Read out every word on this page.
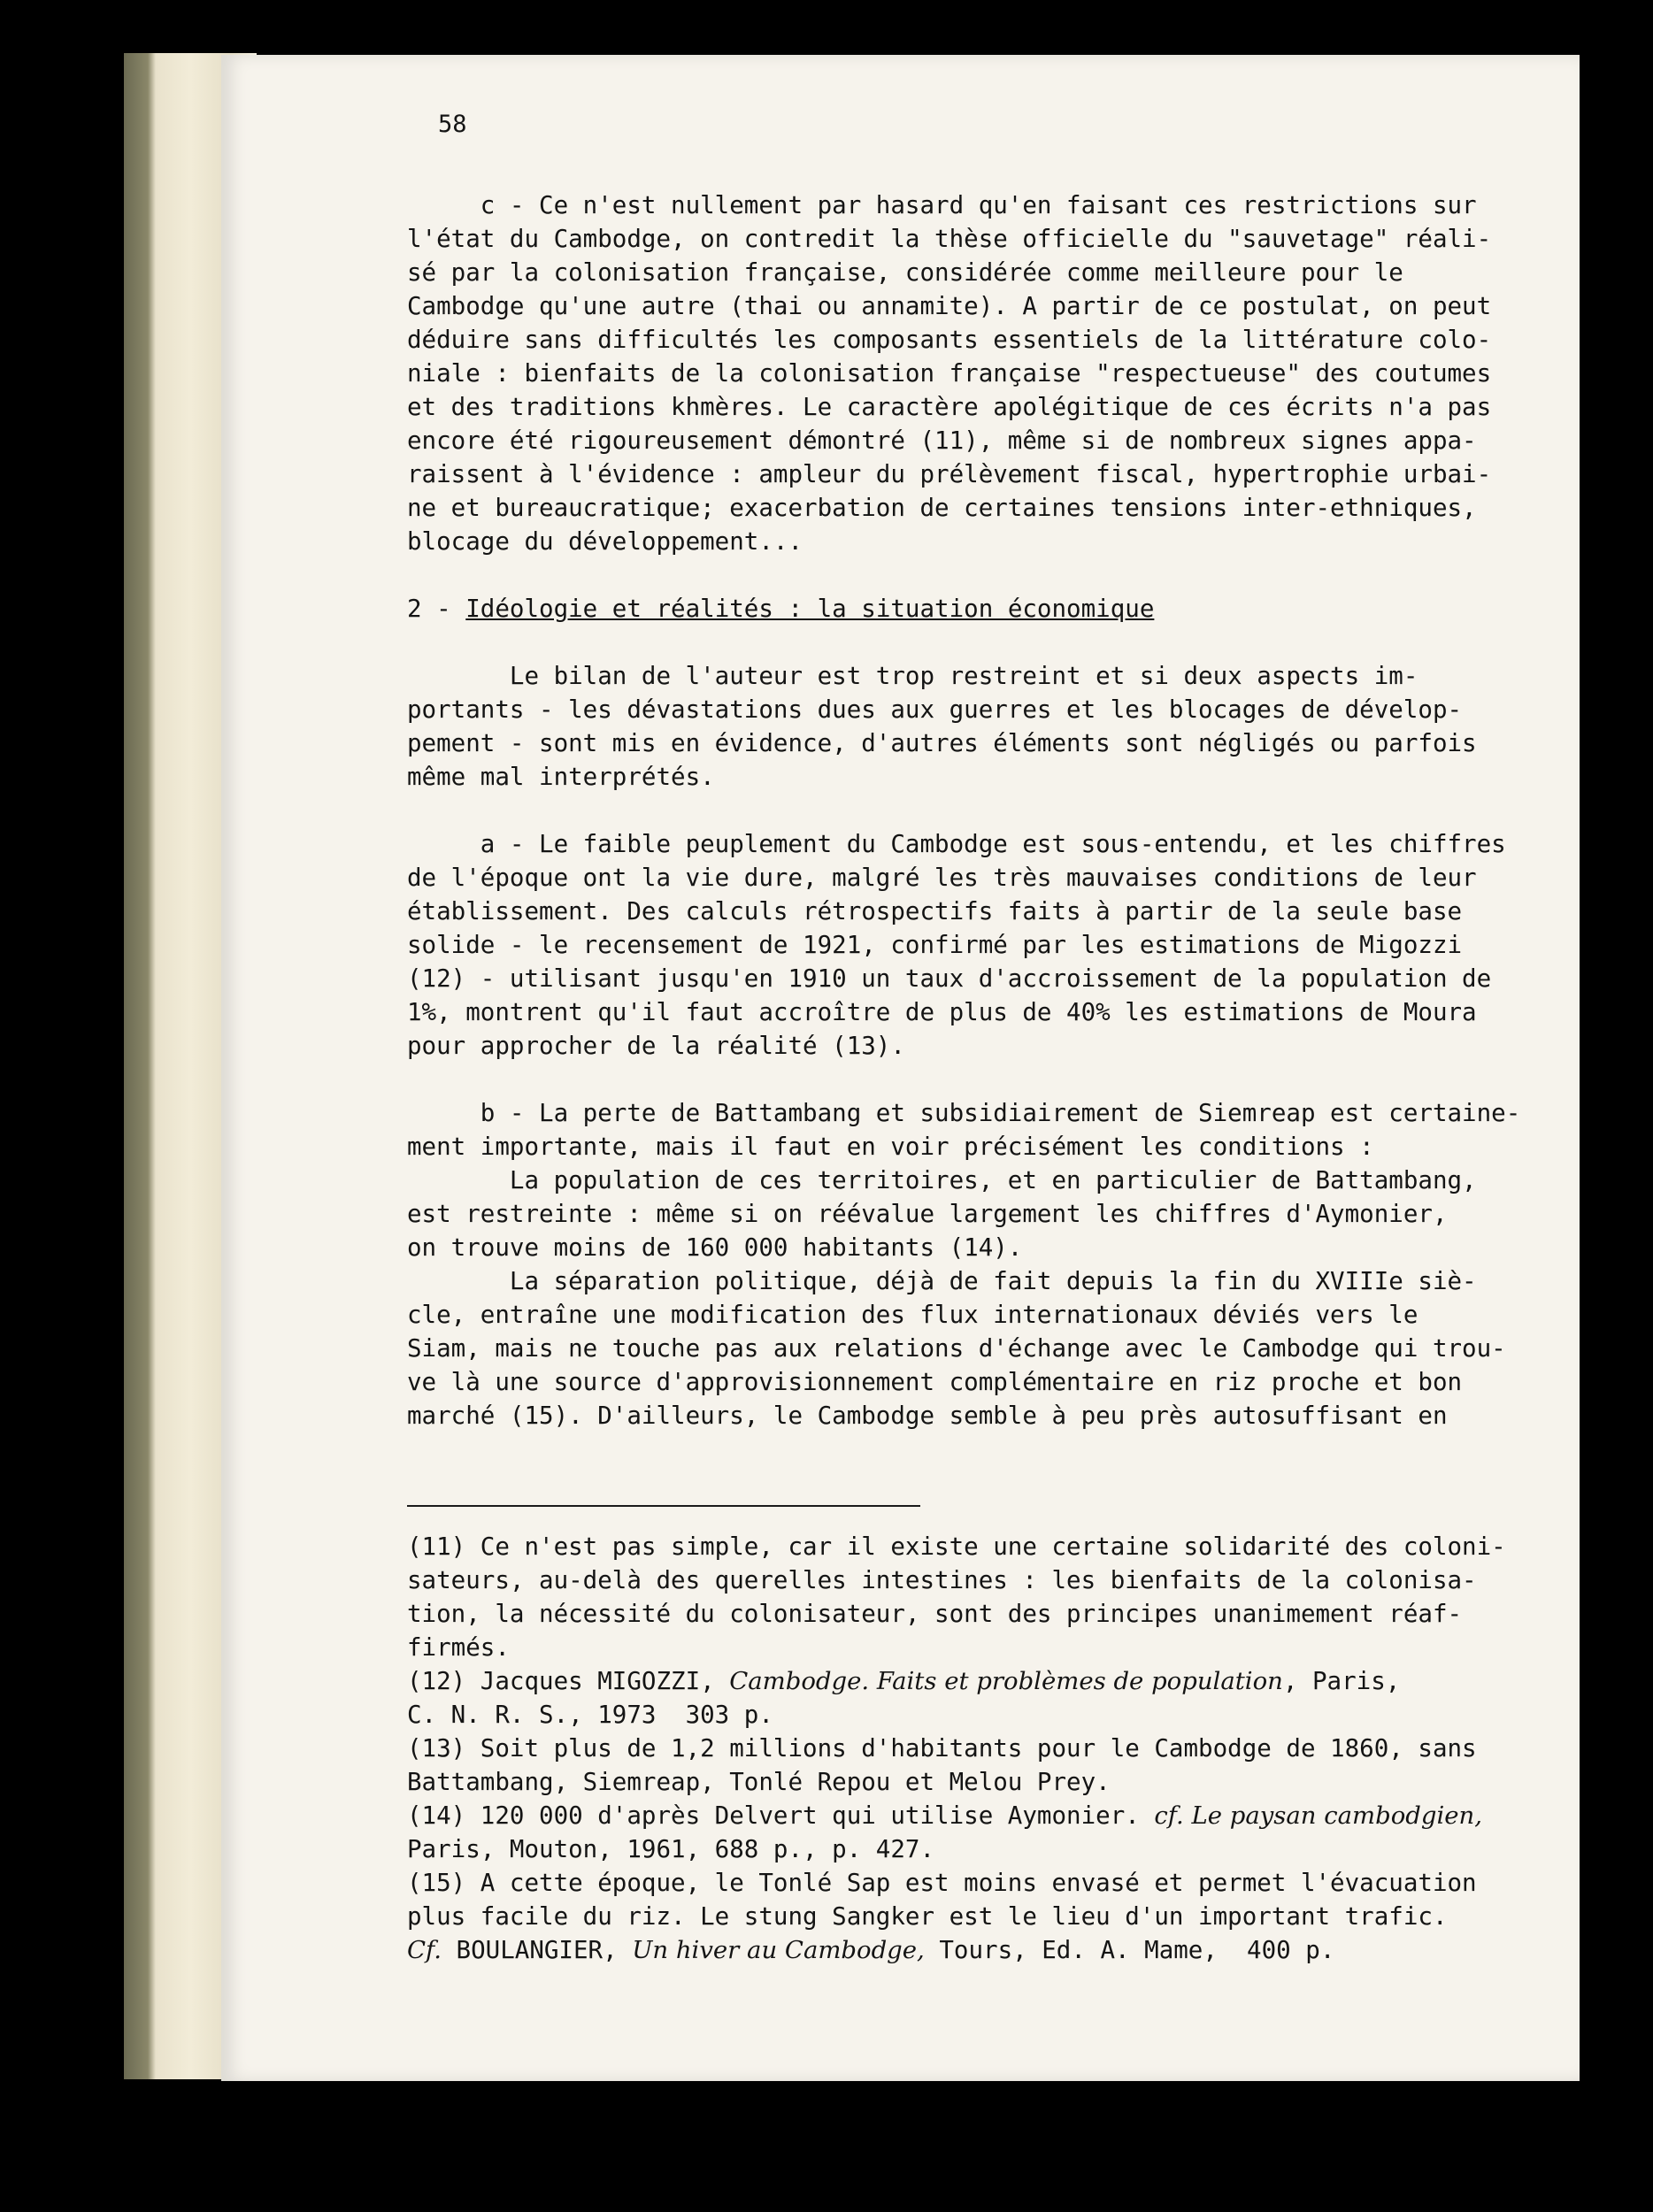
58
c - Ce n'est nullement par hasard qu'en faisant ces restrictions sur
l'état du Cambodge, on contredit la thèse officielle du "sauvetage" réali-
sé par la colonisation française, considérée comme meilleure pour le
Cambodge qu'une autre (thai ou annamite). A partir de ce postulat, on peut
déduire sans difficultés les composants essentiels de la littérature colo-
niale : bienfaits de la colonisation française "respectueuse" des coutumes
et des traditions khmères. Le caractère apolégitique de ces écrits n'a pas
encore été rigoureusement démontré (11), même si de nombreux signes appa-
raissent à l'évidence : ampleur du prélèvement fiscal, hypertrophie urbai-
ne et bureaucratique; exacerbation de certaines tensions inter-ethniques,
blocage du développement...
2 - Idéologie et réalités : la situation économique
Le bilan de l'auteur est trop restreint et si deux aspects im-
portants - les dévastations dues aux guerres et les blocages de dévelop-
pement - sont mis en évidence, d'autres éléments sont négligés ou parfois
même mal interprétés.
a - Le faible peuplement du Cambodge est sous-entendu, et les chiffres
de l'époque ont la vie dure, malgré les très mauvaises conditions de leur
établissement. Des calculs rétrospectifs faits à partir de la seule base
solide - le recensement de 1921, confirmé par les estimations de Migozzi
(12) - utilisant jusqu'en 1910 un taux d'accroissement de la population de
1%, montrent qu'il faut accroître de plus de 40% les estimations de Moura
pour approcher de la réalité (13).
b - La perte de Battambang et subsidiairement de Siemreap est certaine-
ment importante, mais il faut en voir précisément les conditions :
La population de ces territoires, et en particulier de Battambang,
est restreinte : même si on réévalue largement les chiffres d'Aymonier,
on trouve moins de 160 000 habitants (14).
La séparation politique, déjà de fait depuis la fin du XVIIIe siè-
cle, entraîne une modification des flux internationaux déviés vers le
Siam, mais ne touche pas aux relations d'échange avec le Cambodge qui trou-
ve là une source d'approvisionnement complémentaire en riz proche et bon
marché (15). D'ailleurs, le Cambodge semble à peu près autosuffisant en
(11) Ce n'est pas simple, car il existe une certaine solidarité des coloni-
sateurs, au-delà des querelles intestines : les bienfaits de la colonisa-
tion, la nécessité du colonisateur, sont des principes unanimement réaf-
firmés.
(12) Jacques MIGOZZI, Cambodge. Faits et problèmes de population, Paris,
C. N. R. S., 1973  303 p.
(13) Soit plus de 1,2 millions d'habitants pour le Cambodge de 1860, sans
Battambang, Siemreap, Tonlé Repou et Melou Prey.
(14) 120 000 d'après Delvert qui utilise Aymonier. cf. Le paysan cambodgien,
Paris, Mouton, 1961, 688 p., p. 427.
(15) A cette époque, le Tonlé Sap est moins envasé et permet l'évacuation
plus facile du riz. Le stung Sangker est le lieu d'un important trafic.
Cf. BOULANGIER, Un hiver au Cambodge, Tours, Ed. A. Mame,  400 p.
